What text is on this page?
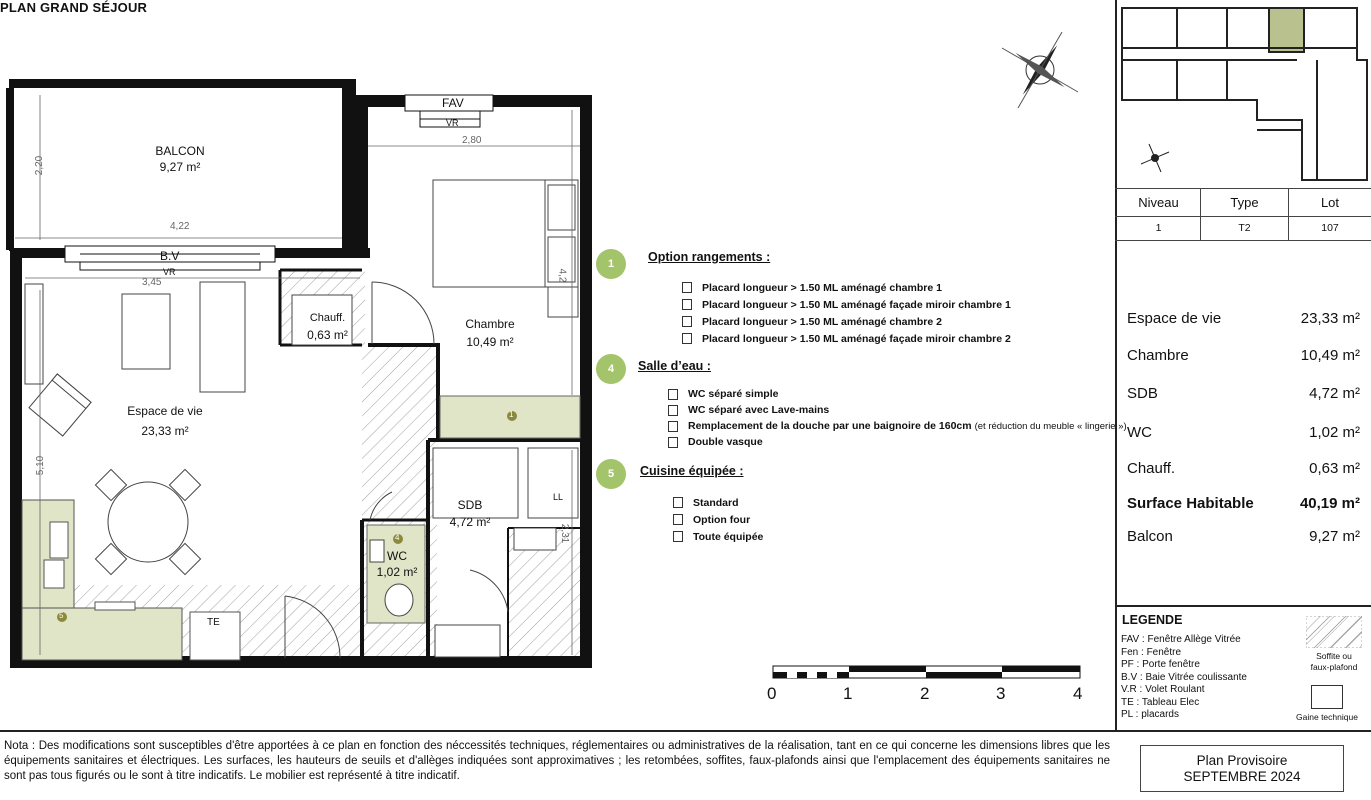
PLAN GRAND SÉJOUR
BALCON
9,27 m²
Chauff.
0,63 m²
Chambre
10,49 m²
Espace de vie
23,33 m²
SDB
4,72 m²
WC
1,02 m²
FAV
VR
B.V
VR
LL
TE
4,22
2,20
2,80
3,45
5,10
4,2
2,31
1
5
4
1	Option rangements :
Placard longueur > 1.50 ML aménagé chambre 1
Placard longueur > 1.50 ML aménagé façade miroir chambre 1
Placard longueur > 1.50 ML aménagé chambre 2
Placard longueur > 1.50 ML aménagé façade miroir chambre 2
4	Salle d’eau :
WC séparé simple
WC séparé avec Lave-mains
Remplacement de la douche par une baignoire de 160cm (et réduction du meuble « lingerie »)
Double vasque
5	Cuisine équipée :
Standard
Option four
Toute équipée
0	1	2	3	4
Niveau	Type	Lot
1	T2	107
Espace de vie	23,33 m²
Chambre	10,49 m²
SDB	4,72 m²
WC	1,02 m²
Chauff.	0,63 m²
Surface Habitable	40,19 m²
Balcon	9,27 m²
LEGENDE
FAV : Fenêtre Allège Vitrée
Fen : Fenêtre
PF : Porte fenêtre
B.V : Baie Vitrée coulissante
V.R : Volet Roulant
TE : Tableau Elec
PL : placards
Soffite ou
faux-plafond
Gaine technique
Nota : Des modifications sont susceptibles d'être apportées à ce plan en fonction des néccessités techniques, réglementaires ou administratives de la réalisation, tant en ce qui concerne les dimensions libres que les équipements sanitaires et électriques. Les surfaces, les hauteurs de seuils et d'allèges indiquées sont approximatives ; les retombées, soffites, faux-plafonds ainsi que l'emplacement des équipements sanitaires ne sont pas tous figurés ou le sont à titre indicatifs. Le mobilier est représenté à titre indicatif.
Plan Provisoire
SEPTEMBRE 2024
